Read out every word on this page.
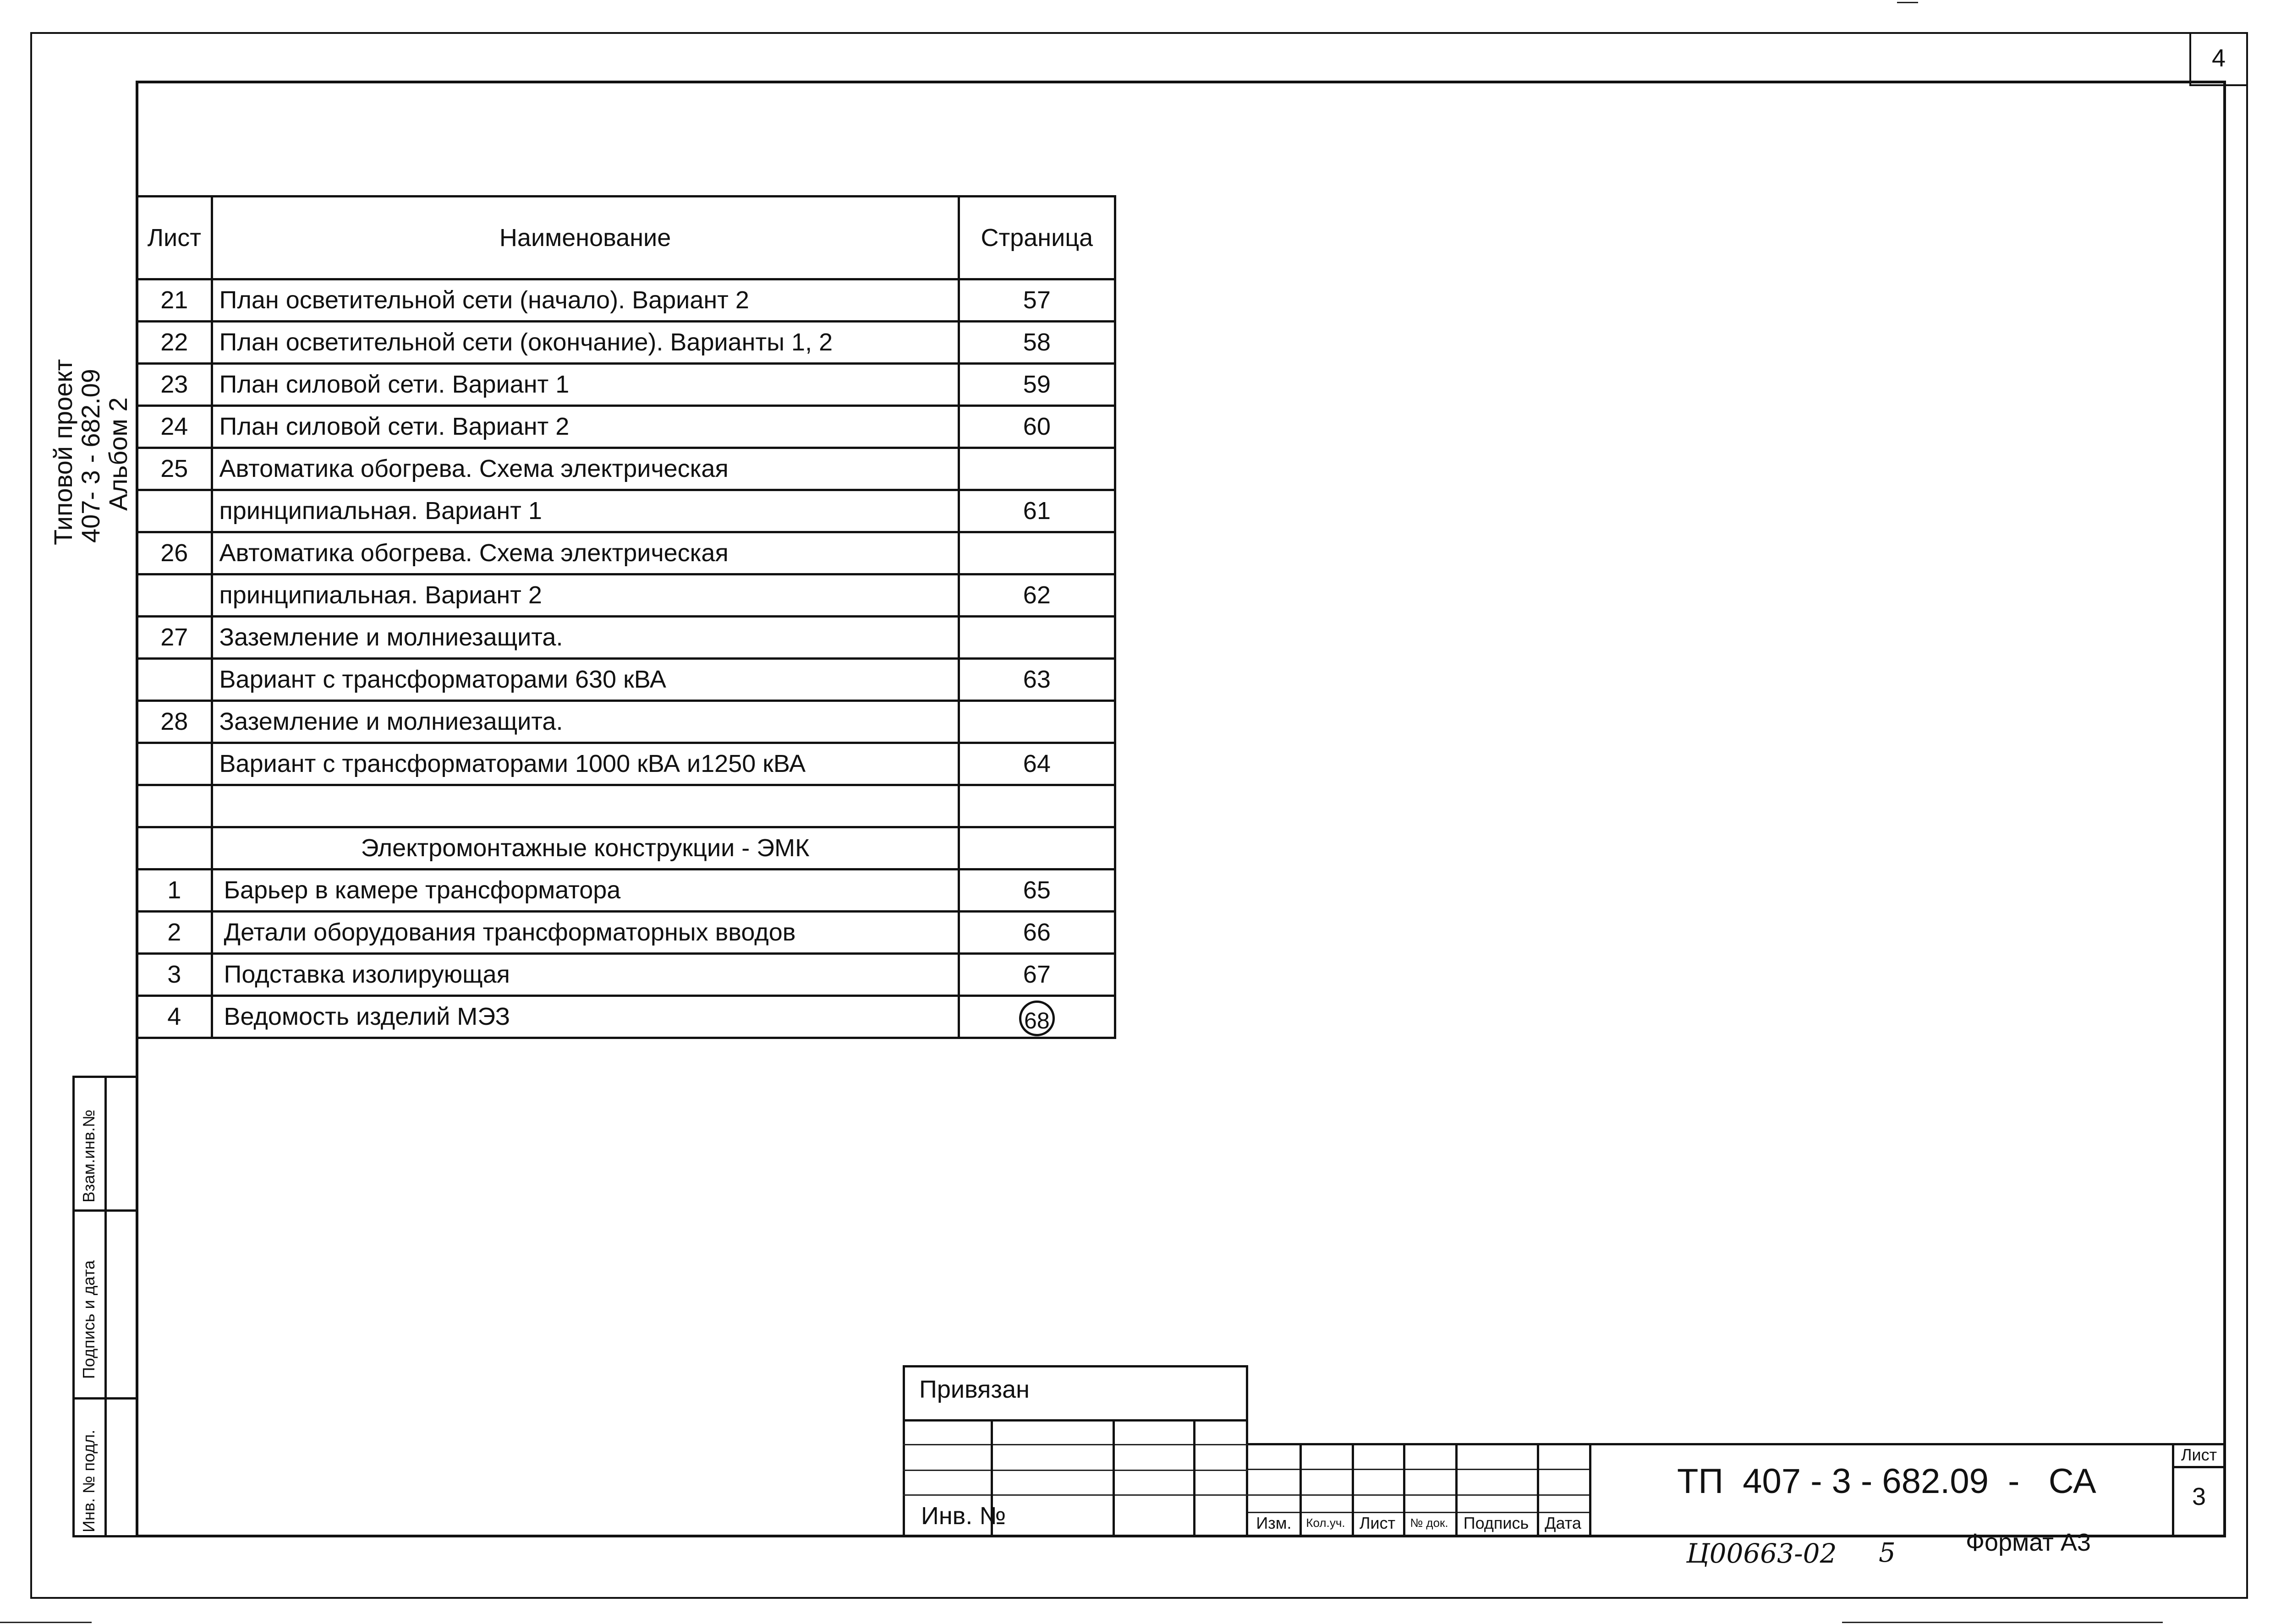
4
Типовой проект
407- 3 - 682.09
Альбом 2
Взам.инв.№
Подпись и дата
Инв. № подл.
Лист	Наименование	Страница
21	План осветительной сети (начало). Вариант 2	57
22	План осветительной сети (окончание). Варианты 1, 2	58
23	План силовой сети. Вариант 1	59
24	План силовой сети. Вариант 2	60
25	Автоматика обогрева. Схема электрическая	
	принципиальная. Вариант 1	61
26	Автоматика обогрева. Схема электрическая	
	принципиальная. Вариант 2	62
27	Заземление и молниезащита.	
	Вариант с трансформаторами 630 кВА	63
28	Заземление и молниезащита.	
	Вариант с трансформаторами 1000 кВА и1250 кВА	64

	Электромонтажные конструкции - ЭМК	
1	Барьер в камере трансформатора	65
2	Детали оборудования трансформаторных вводов	66
3	Подставка изолирующая	67
4	Ведомость изделий МЭЗ	68
Привязан
Инв. №	Изм.	Кол.уч. Лист	№ док. Подпись Дата
ТП  407 - 3 - 682.09  -   СА
Лист
3
Ц00663-02 5	Формат А3
